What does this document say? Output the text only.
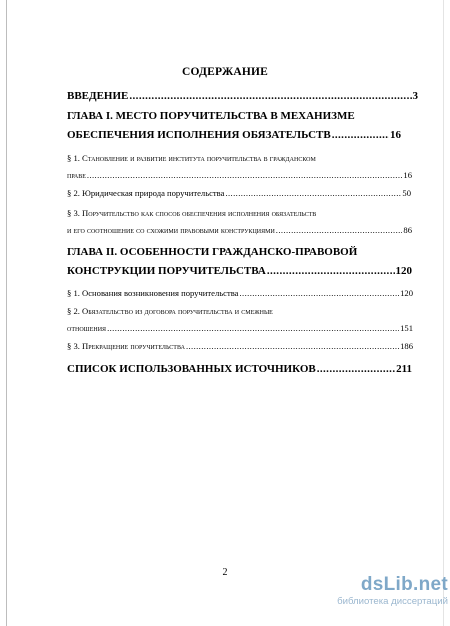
СОДЕРЖАНИЕ
ВВЕДЕНИЕ .....	3
ГЛАВА I. МЕСТО ПОРУЧИТЕЛЬСТВА В МЕХАНИЗМЕ
ОБЕСПЕЧЕНИЯ ИСПОЛНЕНИЯ ОБЯЗАТЕЛЬСТВ .....	16
§ 1. Становление и развитие института поручительства в гражданском
праве .....	16
§ 2. Юридическая природа поручительства .....	50
§ 3. Поручительство как способ обеспечения исполнения обязательств
и его соотношение со схожими правовыми конструкциями .....	86
ГЛАВА II. ОСОБЕННОСТИ ГРАЖДАНСКО-ПРАВОВОЙ
КОНСТРУКЦИИ ПОРУЧИТЕЛЬСТВА .....	120
§ 1. Основания возникновения поручительства .....	120
§ 2. Обязательство из договора поручительства и смежные
отношения .....	151
§ 3. Прекращение поручительства .....	186
СПИСОК ИСПОЛЬЗОВАННЫХ ИСТОЧНИКОВ .....	211
2
dsLib.net
библиотека диссертаций
